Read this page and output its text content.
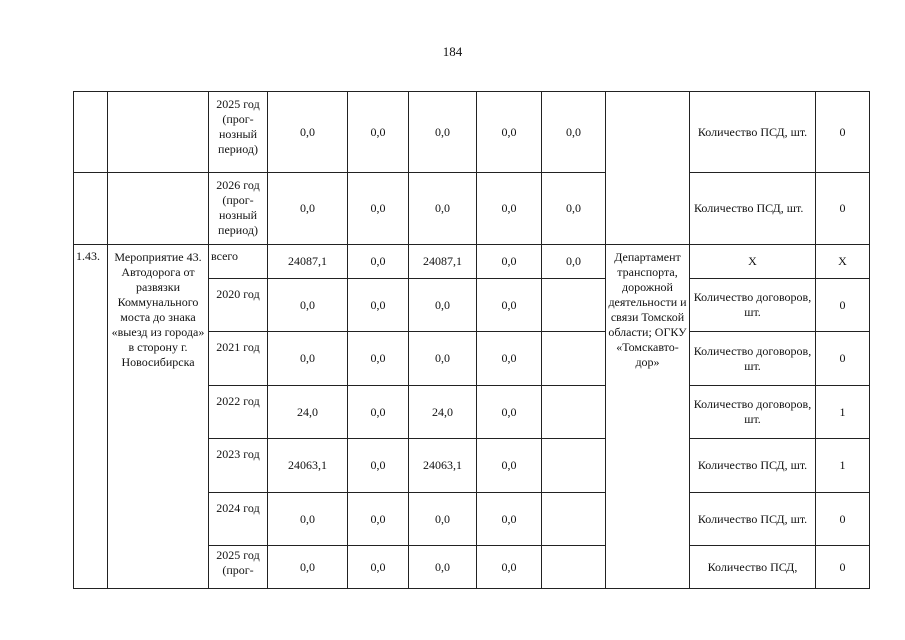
184
		2025 год (прог-нозный период)	0,0	0,0	0,0	0,0	0,0		Количество ПСД, шт.	0
		2026 год (прог-нозный период)	0,0	0,0	0,0	0,0	0,0		Количество ПСД, шт.	0
1.43.	Мероприятие 43. Автодорога от развязки Коммунального моста до знака «выезд из города» в сторону г. Новосибирска	всего	24087,1	0,0	24087,1	0,0	0,0	Департамент транспорта, дорожной деятельности и связи Томской области; ОГКУ «Томскавто-дор»	X	X
		2020 год	0,0	0,0	0,0	0,0			Количество договоров, шт.	0
		2021 год	0,0	0,0	0,0	0,0			Количество договоров, шт.	0
		2022 год	24,0	0,0	24,0	0,0			Количество договоров, шт.	1
		2023 год	24063,1	0,0	24063,1	0,0			Количество ПСД, шт.	1
		2024 год	0,0	0,0	0,0	0,0			Количество ПСД, шт.	0
		2025 год (прог-	0,0	0,0	0,0	0,0			Количество ПСД,	0
